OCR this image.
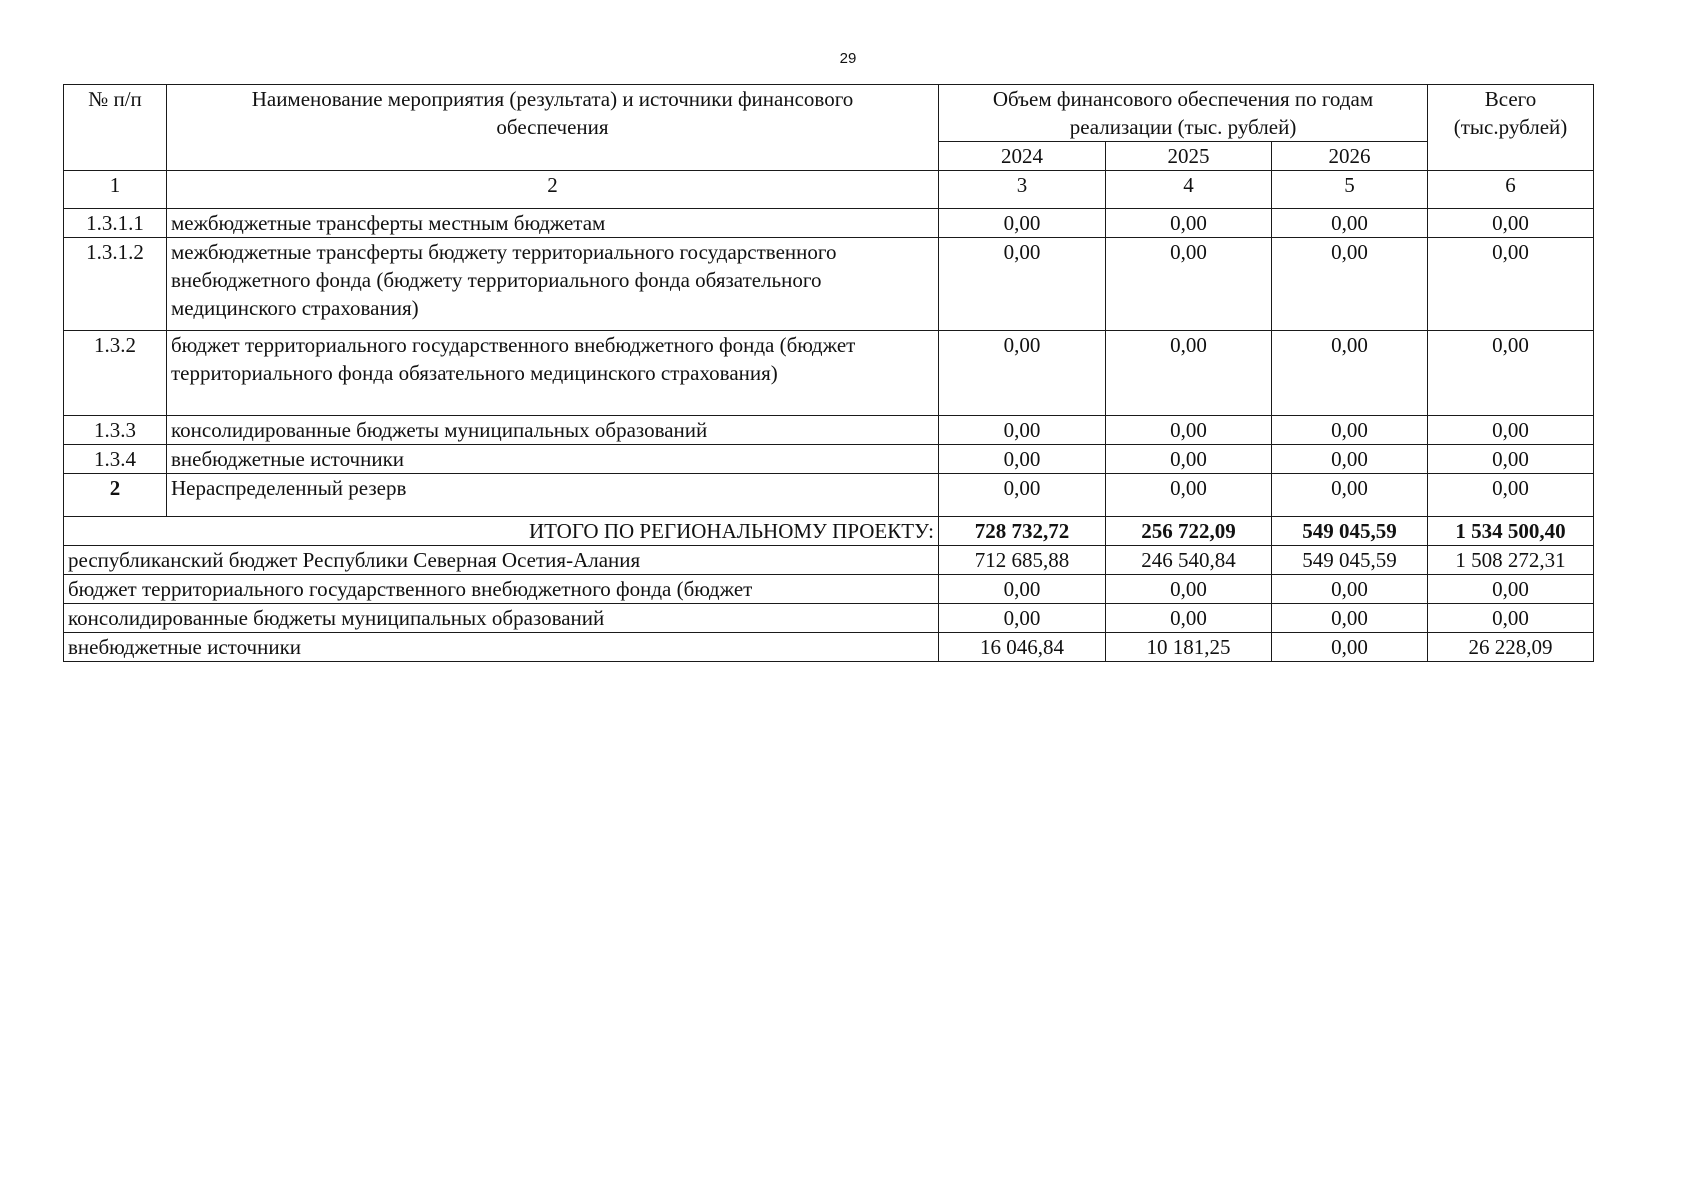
29
№ п/п	Наименование мероприятия (результата) и источники финансового обеспечения	Объем финансового обеспечения по годам реализации (тыс. рублей)			Всего (тыс.рублей)
		2024	2025	2026	
1	2	3	4	5	6
1.3.1.1	межбюджетные трансферты местным бюджетам	0,00	0,00	0,00	0,00
1.3.1.2	межбюджетные трансферты бюджету территориального государственного внебюджетного фонда (бюджету территориального фонда обязательного медицинского страхования)	0,00	0,00	0,00	0,00
1.3.2	бюджет территориального государственного внебюджетного фонда (бюджет территориального фонда обязательного медицинского страхования)	0,00	0,00	0,00	0,00
1.3.3	консолидированные бюджеты муниципальных образований	0,00	0,00	0,00	0,00
1.3.4	внебюджетные источники	0,00	0,00	0,00	0,00
2	Нераспределенный резерв	0,00	0,00	0,00	0,00
ИТОГО ПО РЕГИОНАЛЬНОМУ ПРОЕКТУ:		728 732,72	256 722,09	549 045,59	1 534 500,40
республиканский бюджет Республики Северная Осетия-Алания		712 685,88	246 540,84	549 045,59	1 508 272,31
бюджет территориального государственного внебюджетного фонда (бюджет		0,00	0,00	0,00	0,00
консолидированные бюджеты муниципальных образований		0,00	0,00	0,00	0,00
внебюджетные источники		16 046,84	10 181,25	0,00	26 228,09
